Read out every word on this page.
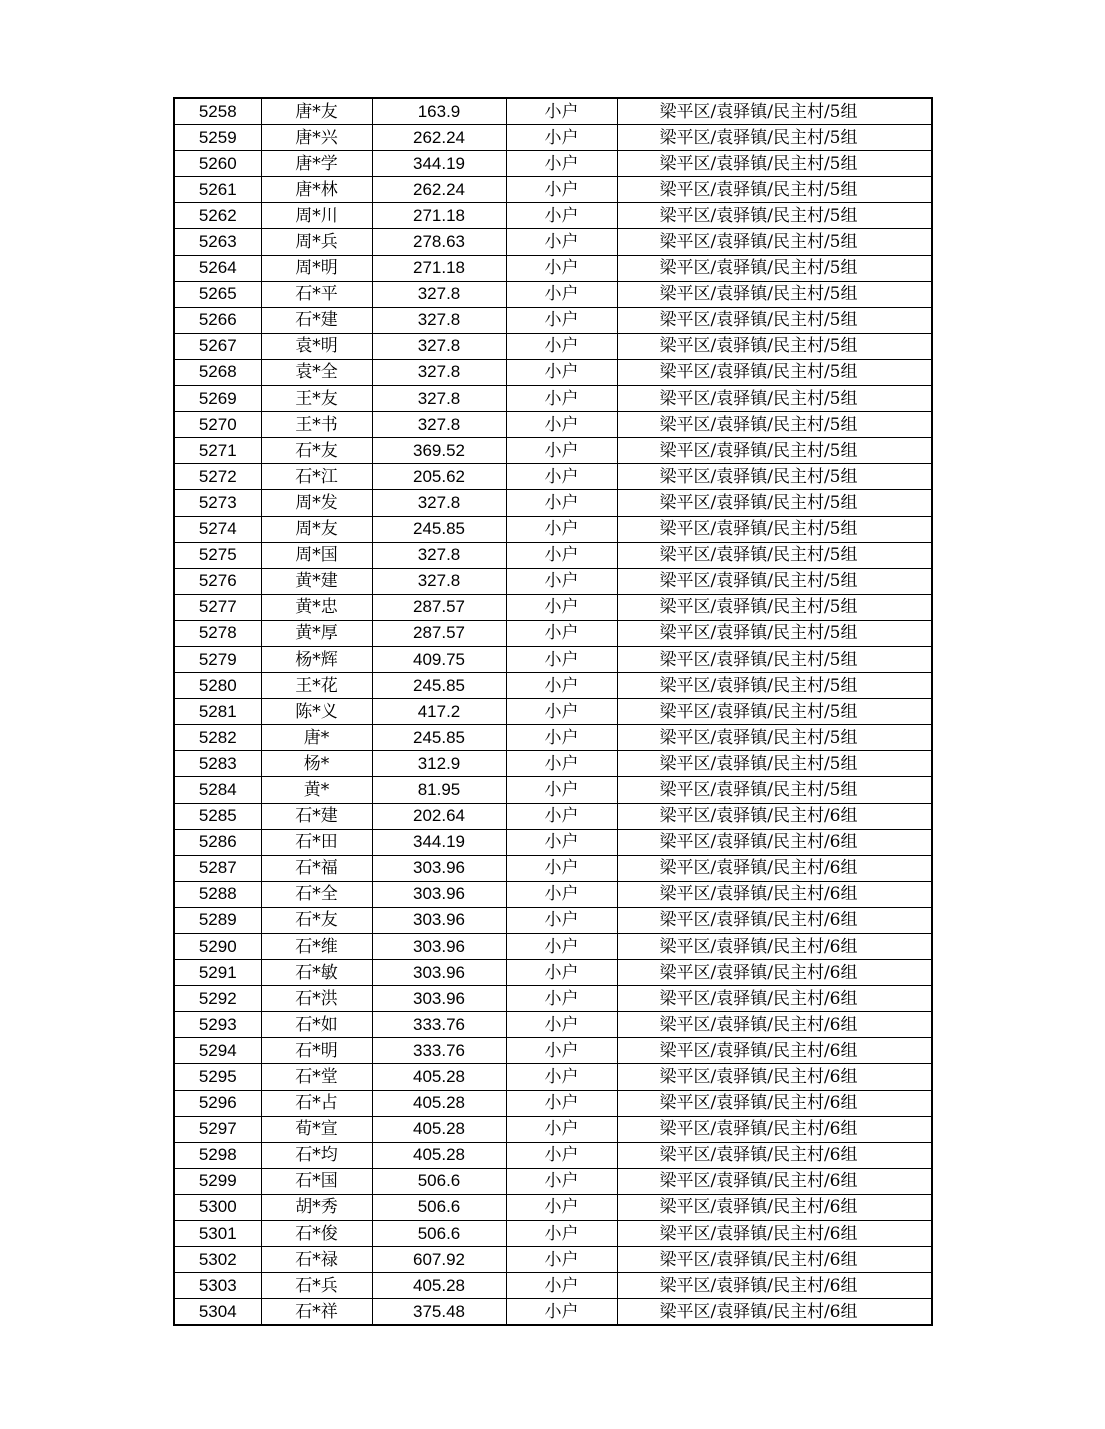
5258	唐*友	163.9	小户	梁平区/袁驿镇/民主村/5组
5259	唐*兴	262.24	小户	梁平区/袁驿镇/民主村/5组
5260	唐*学	344.19	小户	梁平区/袁驿镇/民主村/5组
5261	唐*林	262.24	小户	梁平区/袁驿镇/民主村/5组
5262	周*川	271.18	小户	梁平区/袁驿镇/民主村/5组
5263	周*兵	278.63	小户	梁平区/袁驿镇/民主村/5组
5264	周*明	271.18	小户	梁平区/袁驿镇/民主村/5组
5265	石*平	327.8	小户	梁平区/袁驿镇/民主村/5组
5266	石*建	327.8	小户	梁平区/袁驿镇/民主村/5组
5267	袁*明	327.8	小户	梁平区/袁驿镇/民主村/5组
5268	袁*全	327.8	小户	梁平区/袁驿镇/民主村/5组
5269	王*友	327.8	小户	梁平区/袁驿镇/民主村/5组
5270	王*书	327.8	小户	梁平区/袁驿镇/民主村/5组
5271	石*友	369.52	小户	梁平区/袁驿镇/民主村/5组
5272	石*江	205.62	小户	梁平区/袁驿镇/民主村/5组
5273	周*发	327.8	小户	梁平区/袁驿镇/民主村/5组
5274	周*友	245.85	小户	梁平区/袁驿镇/民主村/5组
5275	周*国	327.8	小户	梁平区/袁驿镇/民主村/5组
5276	黄*建	327.8	小户	梁平区/袁驿镇/民主村/5组
5277	黄*忠	287.57	小户	梁平区/袁驿镇/民主村/5组
5278	黄*厚	287.57	小户	梁平区/袁驿镇/民主村/5组
5279	杨*辉	409.75	小户	梁平区/袁驿镇/民主村/5组
5280	王*花	245.85	小户	梁平区/袁驿镇/民主村/5组
5281	陈*义	417.2	小户	梁平区/袁驿镇/民主村/5组
5282	唐*	245.85	小户	梁平区/袁驿镇/民主村/5组
5283	杨*	312.9	小户	梁平区/袁驿镇/民主村/5组
5284	黄*	81.95	小户	梁平区/袁驿镇/民主村/5组
5285	石*建	202.64	小户	梁平区/袁驿镇/民主村/6组
5286	石*田	344.19	小户	梁平区/袁驿镇/民主村/6组
5287	石*福	303.96	小户	梁平区/袁驿镇/民主村/6组
5288	石*全	303.96	小户	梁平区/袁驿镇/民主村/6组
5289	石*友	303.96	小户	梁平区/袁驿镇/民主村/6组
5290	石*维	303.96	小户	梁平区/袁驿镇/民主村/6组
5291	石*敏	303.96	小户	梁平区/袁驿镇/民主村/6组
5292	石*洪	303.96	小户	梁平区/袁驿镇/民主村/6组
5293	石*如	333.76	小户	梁平区/袁驿镇/民主村/6组
5294	石*明	333.76	小户	梁平区/袁驿镇/民主村/6组
5295	石*堂	405.28	小户	梁平区/袁驿镇/民主村/6组
5296	石*占	405.28	小户	梁平区/袁驿镇/民主村/6组
5297	荀*宣	405.28	小户	梁平区/袁驿镇/民主村/6组
5298	石*均	405.28	小户	梁平区/袁驿镇/民主村/6组
5299	石*国	506.6	小户	梁平区/袁驿镇/民主村/6组
5300	胡*秀	506.6	小户	梁平区/袁驿镇/民主村/6组
5301	石*俊	506.6	小户	梁平区/袁驿镇/民主村/6组
5302	石*禄	607.92	小户	梁平区/袁驿镇/民主村/6组
5303	石*兵	405.28	小户	梁平区/袁驿镇/民主村/6组
5304	石*祥	375.48	小户	梁平区/袁驿镇/民主村/6组
